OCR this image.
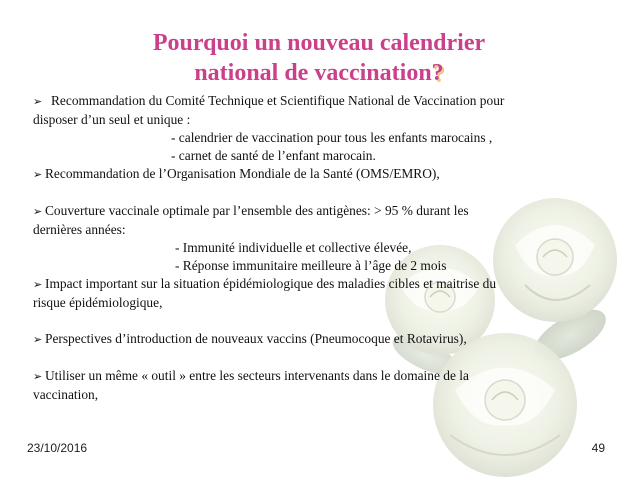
Pourquoi un nouveau calendrier
national de vaccination?
➢ Recommandation du Comité Technique et Scientifique National de Vaccination pour
disposer d’un seul et unique :
- calendrier de vaccination pour tous les enfants marocains ,
- carnet de santé de l’enfant marocain.
➢ Recommandation de l’Organisation Mondiale de la Santé (OMS/EMRO),
➢ Couverture vaccinale optimale par l’ensemble des antigènes: > 95 % durant les
dernières années:
- Immunité individuelle et collective élevée,
- Réponse immunitaire meilleure à l’âge de 2 mois
➢ Impact important sur la situation épidémiologique des maladies cibles et maitrise du
risque épidémiologique,
➢ Perspectives d’introduction de nouveaux vaccins (Pneumocoque et Rotavirus),
➢ Utiliser un même « outil » entre les secteurs intervenants dans le domaine de la
vaccination,
23/10/2016	49
